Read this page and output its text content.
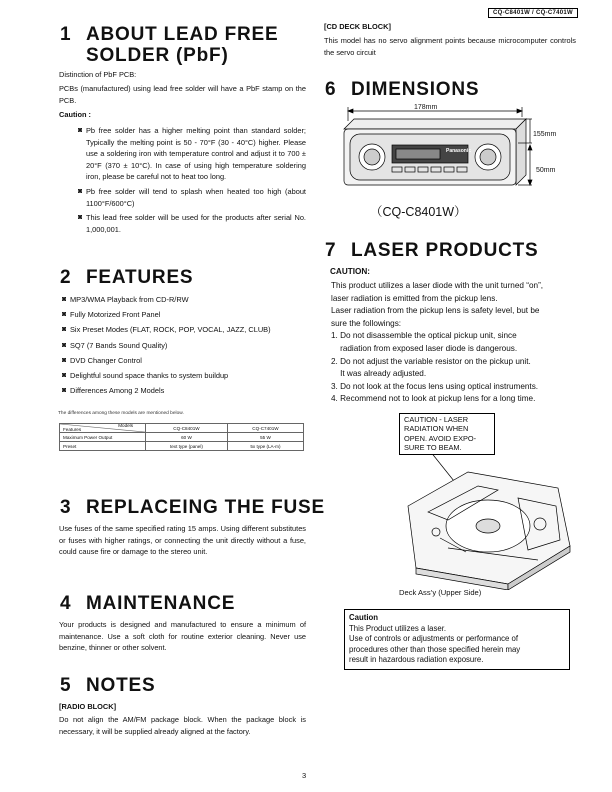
CQ-C8401W / CQ-C7401W
1 ABOUT LEAD FREE
SOLDER (PbF)
Distinction of PbF PCB:
PCBs (manufactured) using lead free solder will have a PbF stamp on the PCB.
Caution :
◙ Pb free solder has a higher melting point than standard solder; Typically the melting point is 50 - 70°F (30 - 40°C) higher. Please use a soldering iron with temperature control and adjust it to 700 ± 20°F (370 ± 10°C). In case of using high temperature soldering iron, please be careful not to heat too long.
◙ Pb free solder will tend to splash when heated too high (about 1100°F/600°C)
◙ This lead free solder will be used for the products after serial No. 1,000,001.
2 FEATURES
◙ MP3/WMA Playback from CD-R/RW
◙ Fully Motorized Front Panel
◙ Six Preset Modes (FLAT, ROCK, POP, VOCAL, JAZZ, CLUB)
◙ SQ7 (7 Bands Sound Quality)
◙ DVD Changer Control
◙ Delightful sound space thanks to system buildup
◙ Differences Among 2 Models
The differences among these models are mentioned below.
Models
Features	CQ-C8401W	CQ-C7401W
Maximum Power Output	60 W	55 W
Preset	text type (panel)	5x type (LA-m)
3 REPLACEING THE FUSE
Use fuses of the same specified rating 15 amps. Using different substitutes or fuses with higher ratings, or connecting the unit directly without a fuse, could cause fire or damage to the stereo unit.
4 MAINTENANCE
Your products is designed and manufactured to ensure a minimum of maintenance. Use a soft cloth for routine exterior cleaning. Never use benzine, thinner or other solvent.
5 NOTES
[RADIO BLOCK]
Do not align the AM/FM package block. When the package block is necessary, it will be supplied already aligned at the factory.
[CD DECK BLOCK]
This model has no servo alignment points because microcomputer controls the servo circuit
6 DIMENSIONS
Panasonic
178mm
155mm
50mm
（CQ-C8401W）
7 LASER PRODUCTS
CAUTION:
This product utilizes a laser diode with the unit turned “on”,
laser radiation is emitted from the pickup lens.
Laser radiation from the pickup lens is safety level, but be
sure the followings:
1. Do not disassemble the optical pickup unit, since
radiation from exposed laser diode is dangerous.
2. Do not adjust the variable resistor on the pickup unit.
It was already adjusted.
3. Do not look at the focus lens using optical instruments.
4. Recommend not to look at pickup lens for a long time.
CAUTION - LASER
RADIATION WHEN
OPEN. AVOID EXPO-
SURE TO BEAM.
Deck Ass’y (Upper Side)
Caution
This Product utilizes a laser.
Use of controls or adjustments or performance of
procedures other than those specified herein may
result in hazardous radiation exposure.
3
